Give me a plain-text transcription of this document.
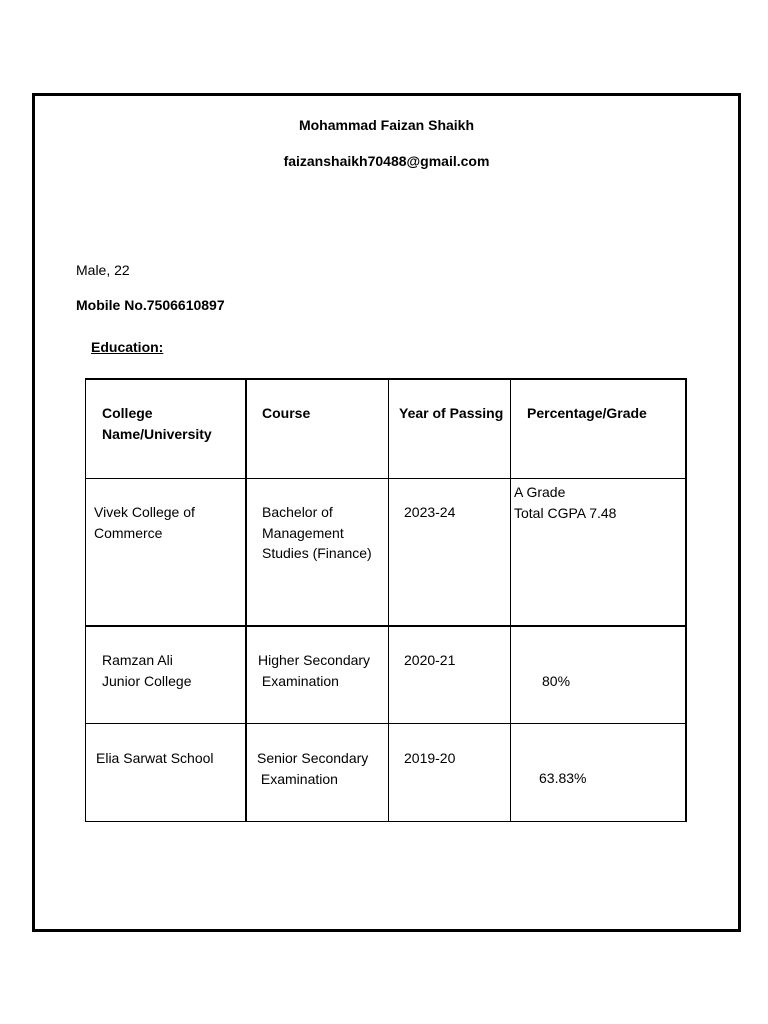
Mohammad Faizan Shaikh
faizanshaikh70488@gmail.com
Male, 22
Mobile No.7506610897
Education:
College
Name/University
Course	Year of Passing Percentage/Grade
Vivek College of
Commerce
Bachelor of
Management
Studies (Finance)
2023-24
A Grade
Total CGPA 7.48
Ramzan Ali
Junior College
Higher Secondary
Examination
2020-21
80%
Elia Sarwat School	Senior Secondary
Examination
2019-20
63.83%
